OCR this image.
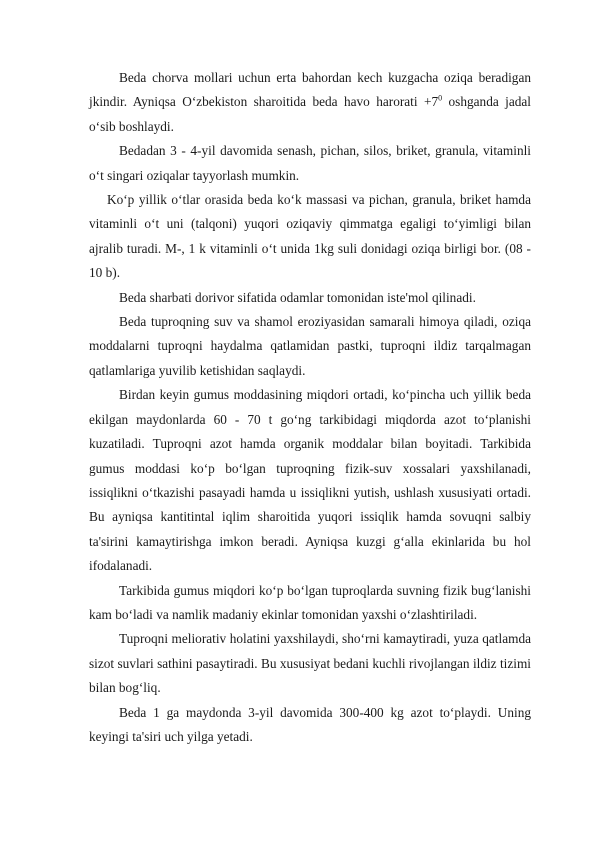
Beda chorva mollari uchun erta bahordan kech kuzgacha oziqa beradigan jkindir. Ayniqsa O‘zbekiston sharoitida beda havo harorati $+7^0$ oshganda jadal o‘sib boshlaydi.

Bedadan 3 - 4-yil davomida senash, pichan, silos, briket, granula, vitaminli o‘t singari oziqalar tayyorlash mumkin.

Ko‘p yillik o‘tlar orasida beda ko‘k massasi va pichan, granula, briket hamda vitaminli o‘t uni (talqoni) yuqori oziqaviy qimmatga egaligi to‘yimligi bilan ajralib turadi. M-, 1 k vitaminli o‘t unida 1kg suli donidagi oziqa birligi bor. (08 - 10 b).

Beda sharbati dorivor sifatida odamlar tomonidan iste'mol qilinadi.

Beda tuproqning suv va shamol eroziyasidan samarali himoya qiladi, oziqa moddalarni tuproqni haydalma qatlamidan pastki, tuproqni ildiz tarqalmagan qatlamlariga yuvilib ketishidan saqlaydi.

Birdan keyin gumus moddasining miqdori ortadi, ko‘pincha uch yillik beda ekilgan maydonlarda 60 - 70 t go‘ng tarkibidagi miqdorda azot to‘planishi kuzatiladi. Tuproqni azot hamda organik moddalar bilan boyitadi. Tarkibida gumus moddasi ko‘p bo‘lgan tuproqning fizik-suv xossalari yaxshilanadi, issiqlikni o‘tkazishi pasayadi hamda u issiqlikni yutish, ushlash xususiyati ortadi. Bu ayniqsa kantitintal iqlim sharoitida yuqori issiqlik hamda sovuqni salbiy ta'sirini kamaytirishga imkon beradi. Ayniqsa kuzgi g‘alla ekinlarida bu hol ifodalanadi.

Tarkibida gumus miqdori ko‘p bo‘lgan tuproqlarda suvning fizik bug‘lanishi kam bo‘ladi va namlik madaniy ekinlar tomonidan yaxshi o‘zlashtiriladi.

Tuproqni meliorativ holatini yaxshilaydi, sho‘rni kamaytiradi, yuza qatlamda sizot suvlari sathini pasaytiradi. Bu xususiyat bedani kuchli rivojlangan ildiz tizimi bilan bog‘liq.

Beda 1 ga maydonda 3-yil davomida 300-400 kg azot to‘playdi. Uning keyingi ta'siri uch yilga yetadi.
